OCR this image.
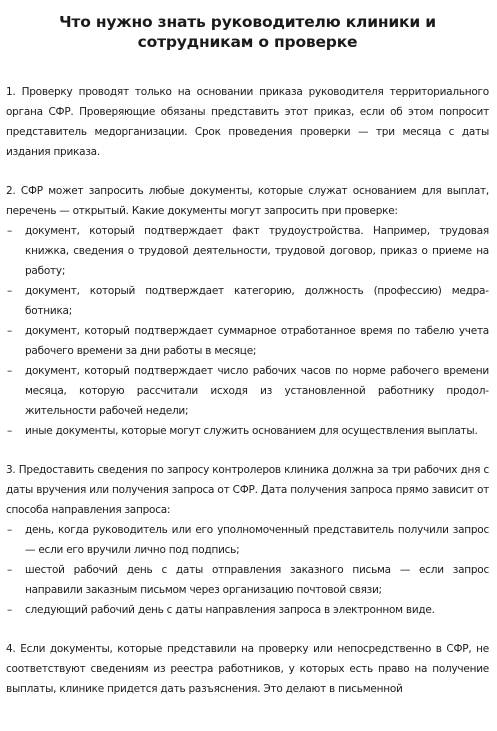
Что нужно знать руководителю клиники и сотрудникам о проверке

1. Проверку проводят только на основании приказа руководителя территориального органа СФР. Проверяющие обязаны представить этот приказ, если об этом попросит представитель медорганизации. Срок проведения проверки — три месяца с даты издания приказа.

2. СФР может запросить любые документы, которые служат основанием для выплат, перечень — открытый. Какие документы могут запросить при проверке:

– документ, который подтверждает факт трудоустройства. Например, трудовая книжка, сведения о трудовой деятельности, трудовой договор, приказ о приеме на работу;
– документ, который подтверждает категорию, должность (профессию) медработника;
– документ, который подтверждает суммарное отработанное время по табелю учета рабочего времени за дни работы в месяце;
– документ, который подтверждает число рабочих часов по норме рабочего времени месяца, которую рассчитали исходя из установленной работнику продолжительности рабочей недели;
– иные документы, которые могут служить основанием для осуществления выплаты.

3. Предоставить сведения по запросу контролеров клиника должна за три рабочих дня с даты вручения или получения запроса от СФР. Дата получения запроса прямо зависит от способа направления запроса:

– день, когда руководитель или его уполномоченный представитель получили запрос — если его вручили лично под подпись;
– шестой рабочий день с даты отправления заказного письма — если запрос направили заказным письмом через организацию почтовой связи;
– следующий рабочий день с даты направления запроса в электронном виде.

4. Если документы, которые представили на проверку или непосредственно в СФР, не соответствуют сведениям из реестра работников, у которых есть право на получение выплаты, клинике придется дать разъяснения. Это делают в письменной
